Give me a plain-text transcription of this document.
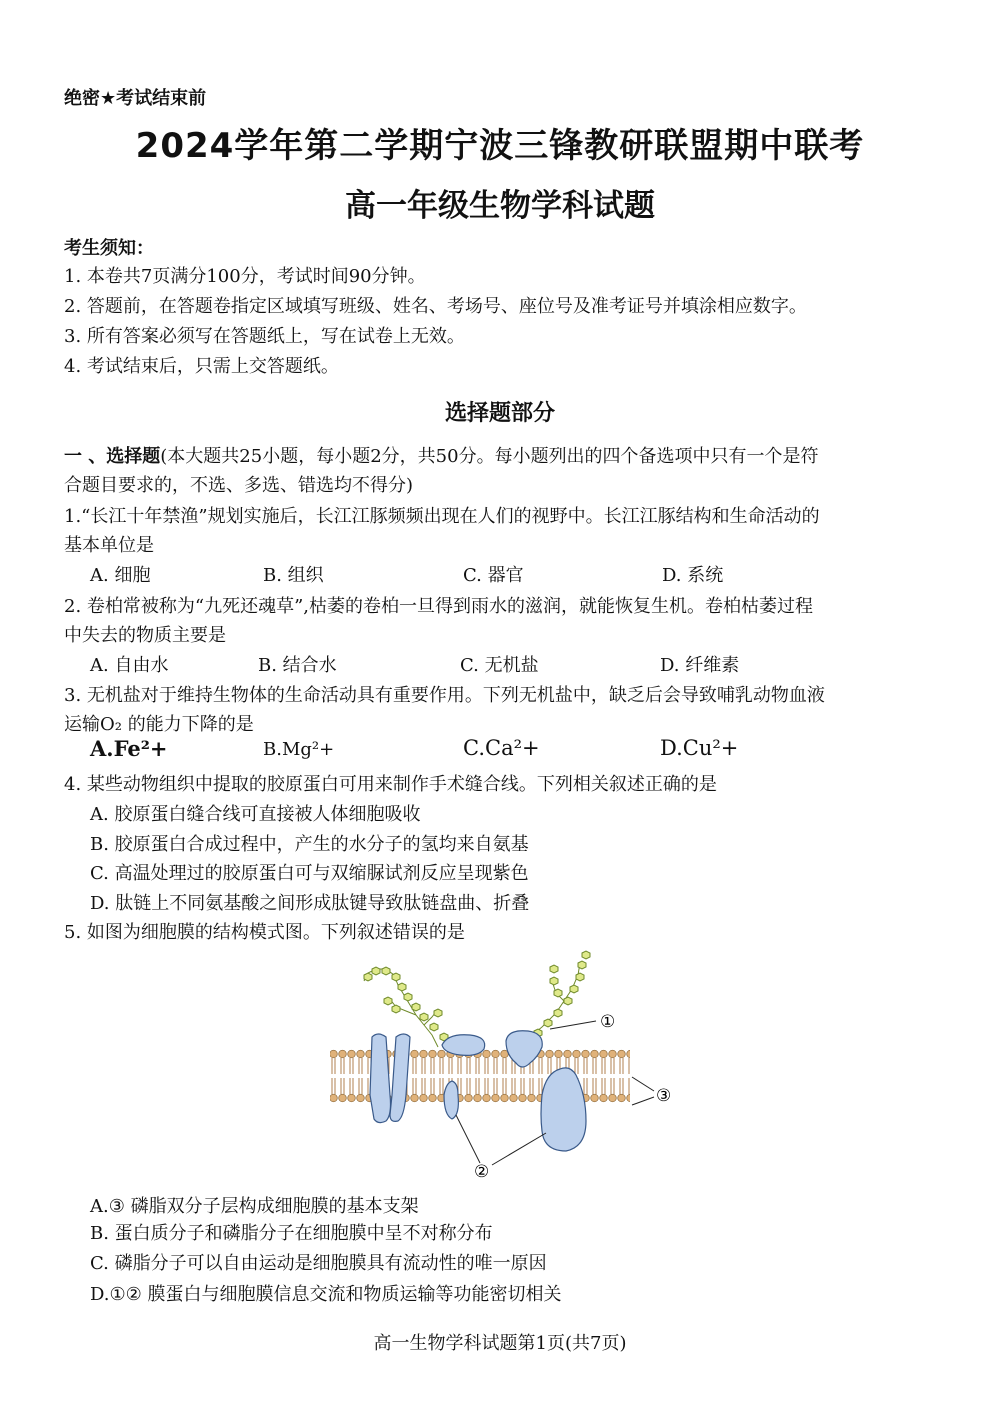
绝密★考试结束前
2024学年第二学期宁波三锋教研联盟期中联考
高一年级生物学科试题
考生须知：
1. 本卷共7页满分100分，考试时间90分钟。
2. 答题前，在答题卷指定区域填写班级、姓名、考场号、座位号及准考证号并填涂相应数字。
3. 所有答案必须写在答题纸上，写在试卷上无效。
4. 考试结束后，只需上交答题纸。
选择题部分
一 、选择题(本大题共25小题，每小题2分，共50分。每小题列出的四个备选项中只有一个是符
合题目要求的，不选、多选、错选均不得分)
1.“长江十年禁渔”规划实施后，长江江豚频频出现在人们的视野中。长江江豚结构和生命活动的
基本单位是
A. 细胞	B. 组织	C. 器官	D. 系统
2. 卷柏常被称为“九死还魂草”,枯萎的卷柏一旦得到雨水的滋润，就能恢复生机。卷柏枯萎过程
中失去的物质主要是
A. 自由水	B. 结合水	C. 无机盐	D. 纤维素
3. 无机盐对于维持生物体的生命活动具有重要作用。下列无机盐中，缺乏后会导致哺乳动物血液
运输O₂ 的能力下降的是
A.Fe²+	B.Mg²+	C.Ca²+	D.Cu²+
4. 某些动物组织中提取的胶原蛋白可用来制作手术缝合线。下列相关叙述正确的是
A. 胶原蛋白缝合线可直接被人体细胞吸收
B. 胶原蛋白合成过程中，产生的水分子的氢均来自氨基
C. 高温处理过的胶原蛋白可与双缩脲试剂反应呈现紫色
D. 肽链上不同氨基酸之间形成肽键导致肽链盘曲、折叠
5. 如图为细胞膜的结构模式图。下列叙述错误的是
①
③
②
A.③ 磷脂双分子层构成细胞膜的基本支架
B. 蛋白质分子和磷脂分子在细胞膜中呈不对称分布
C. 磷脂分子可以自由运动是细胞膜具有流动性的唯一原因
D.①② 膜蛋白与细胞膜信息交流和物质运输等功能密切相关
高一生物学科试题第1页(共7页)
